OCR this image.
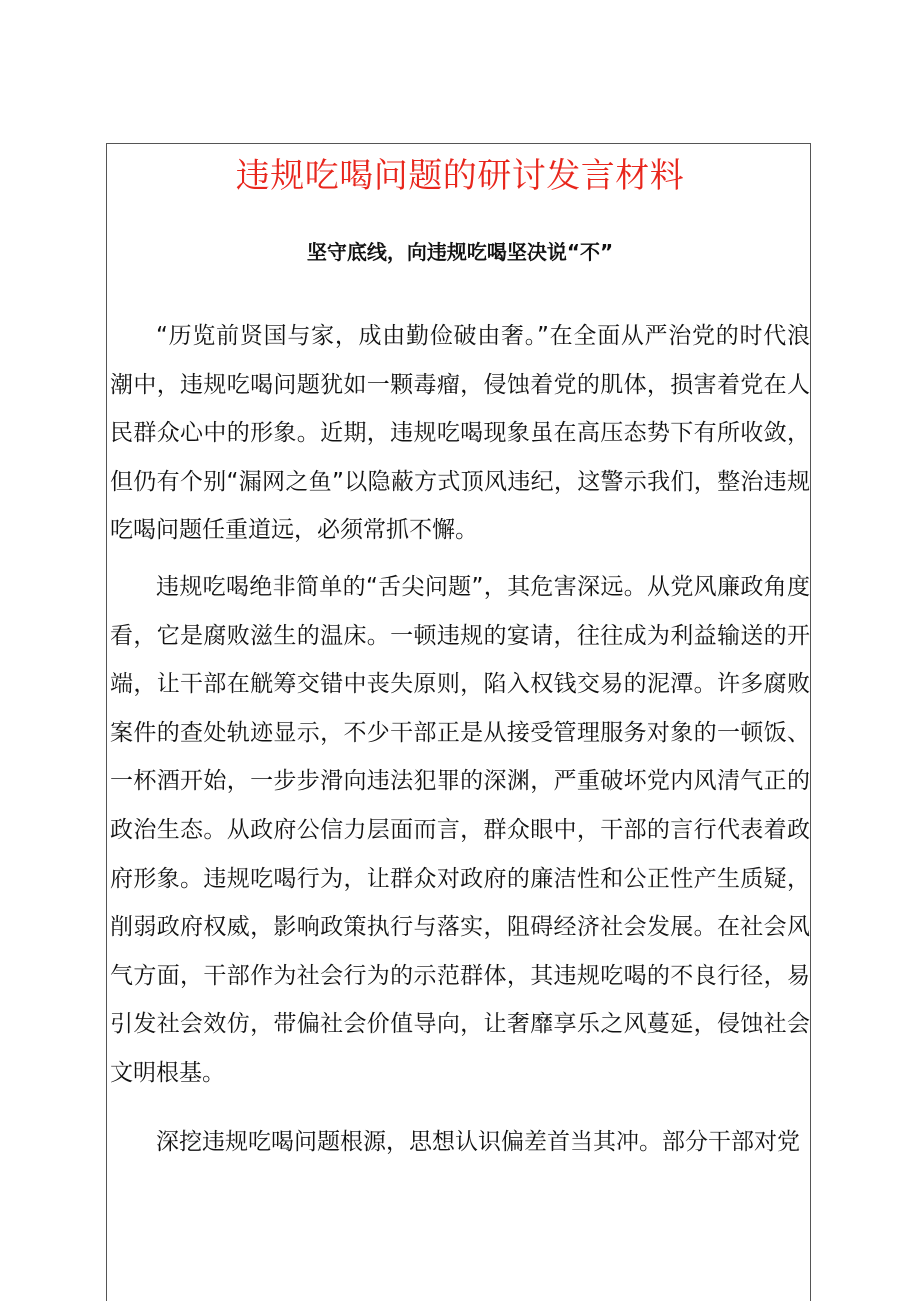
违规吃喝问题的研讨发言材料
坚守底线，向违规吃喝坚决说“不”

“历览前贤国与家，成由勤俭破由奢。”在全面从严治党的时代浪潮中，违规吃喝问题犹如一颗毒瘤，侵蚀着党的肌体，损害着党在人民群众心中的形象。近期，违规吃喝现象虽在高压态势下有所收敛，但仍有个别“漏网之鱼”以隐蔽方式顶风违纪，这警示我们，整治违规吃喝问题任重道远，必须常抓不懈。

违规吃喝绝非简单的“舌尖问题”，其危害深远。从党风廉政角度看，它是腐败滋生的温床。一顿违规的宴请，往往成为利益输送的开端，让干部在觥筹交错中丧失原则，陷入权钱交易的泥潭。许多腐败案件的查处轨迹显示，不少干部正是从接受管理服务对象的一顿饭、一杯酒开始，一步步滑向违法犯罪的深渊，严重破坏党内风清气正的政治生态。从政府公信力层面而言，群众眼中，干部的言行代表着政府形象。违规吃喝行为，让群众对政府的廉洁性和公正性产生质疑，削弱政府权威，影响政策执行与落实，阻碍经济社会发展。在社会风气方面，干部作为社会行为的示范群体，其违规吃喝的不良行径，易引发社会效仿，带偏社会价值导向，让奢靡享乐之风蔓延，侵蚀社会文明根基。

深挖违规吃喝问题根源，思想认识偏差首当其冲。部分干部对党
